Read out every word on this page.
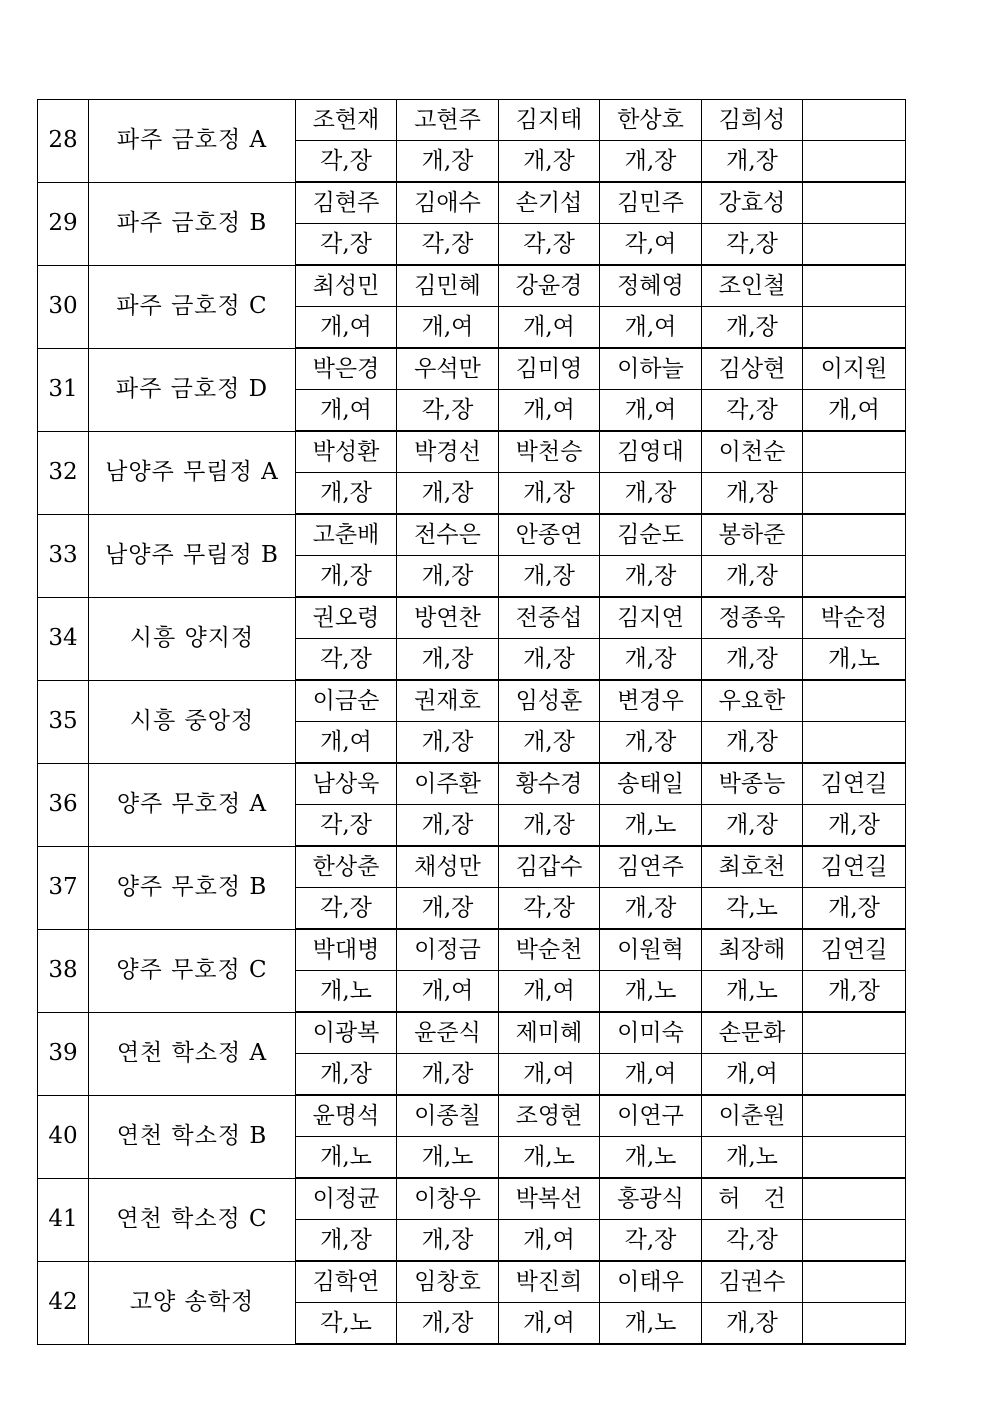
28	파주 금호정 A	조현재	고현주	김지태	한상호	김희성	
		각,장	개,장	개,장	개,장	개,장	
29	파주 금호정 B	김현주	김애수	손기섭	김민주	강효성	
		각,장	각,장	각,장	각,여	각,장	
30	파주 금호정 C	최성민	김민혜	강윤경	정혜영	조인철	
		개,여	개,여	개,여	개,여	개,장	
31	파주 금호정 D	박은경	우석만	김미영	이하늘	김상현	이지원
		개,여	각,장	개,여	개,여	각,장	개,여
32	남양주 무림정 A	박성환	박경선	박천승	김영대	이천순	
		개,장	개,장	개,장	개,장	개,장	
33	남양주 무림정 B	고춘배	전수은	안종연	김순도	봉하준	
		개,장	개,장	개,장	개,장	개,장	
34	시흥 양지정	권오령	방연찬	전중섭	김지연	정종욱	박순정
		각,장	개,장	개,장	개,장	개,장	개,노
35	시흥 중앙정	이금순	권재호	임성훈	변경우	우요한	
		개,여	개,장	개,장	개,장	개,장	
36	양주 무호정 A	남상욱	이주환	황수경	송태일	박종능	김연길
		각,장	개,장	개,장	개,노	개,장	개,장
37	양주 무호정 B	한상춘	채성만	김갑수	김연주	최호천	김연길
		각,장	개,장	각,장	개,장	각,노	개,장
38	양주 무호정 C	박대병	이정금	박순천	이원혁	최장해	김연길
		개,노	개,여	개,여	개,노	개,노	개,장
39	연천 학소정 A	이광복	윤준식	제미혜	이미숙	손문화	
		개,장	개,장	개,여	개,여	개,여	
40	연천 학소정 B	윤명석	이종칠	조영현	이연구	이춘원	
		개,노	개,노	개,노	개,노	개,노	
41	연천 학소정 C	이정균	이창우	박복선	홍광식	허　건	
		개,장	개,장	개,여	각,장	각,장	
42	고양 송학정	김학연	임창호	박진희	이태우	김권수	
		각,노	개,장	개,여	개,노	개,장	
